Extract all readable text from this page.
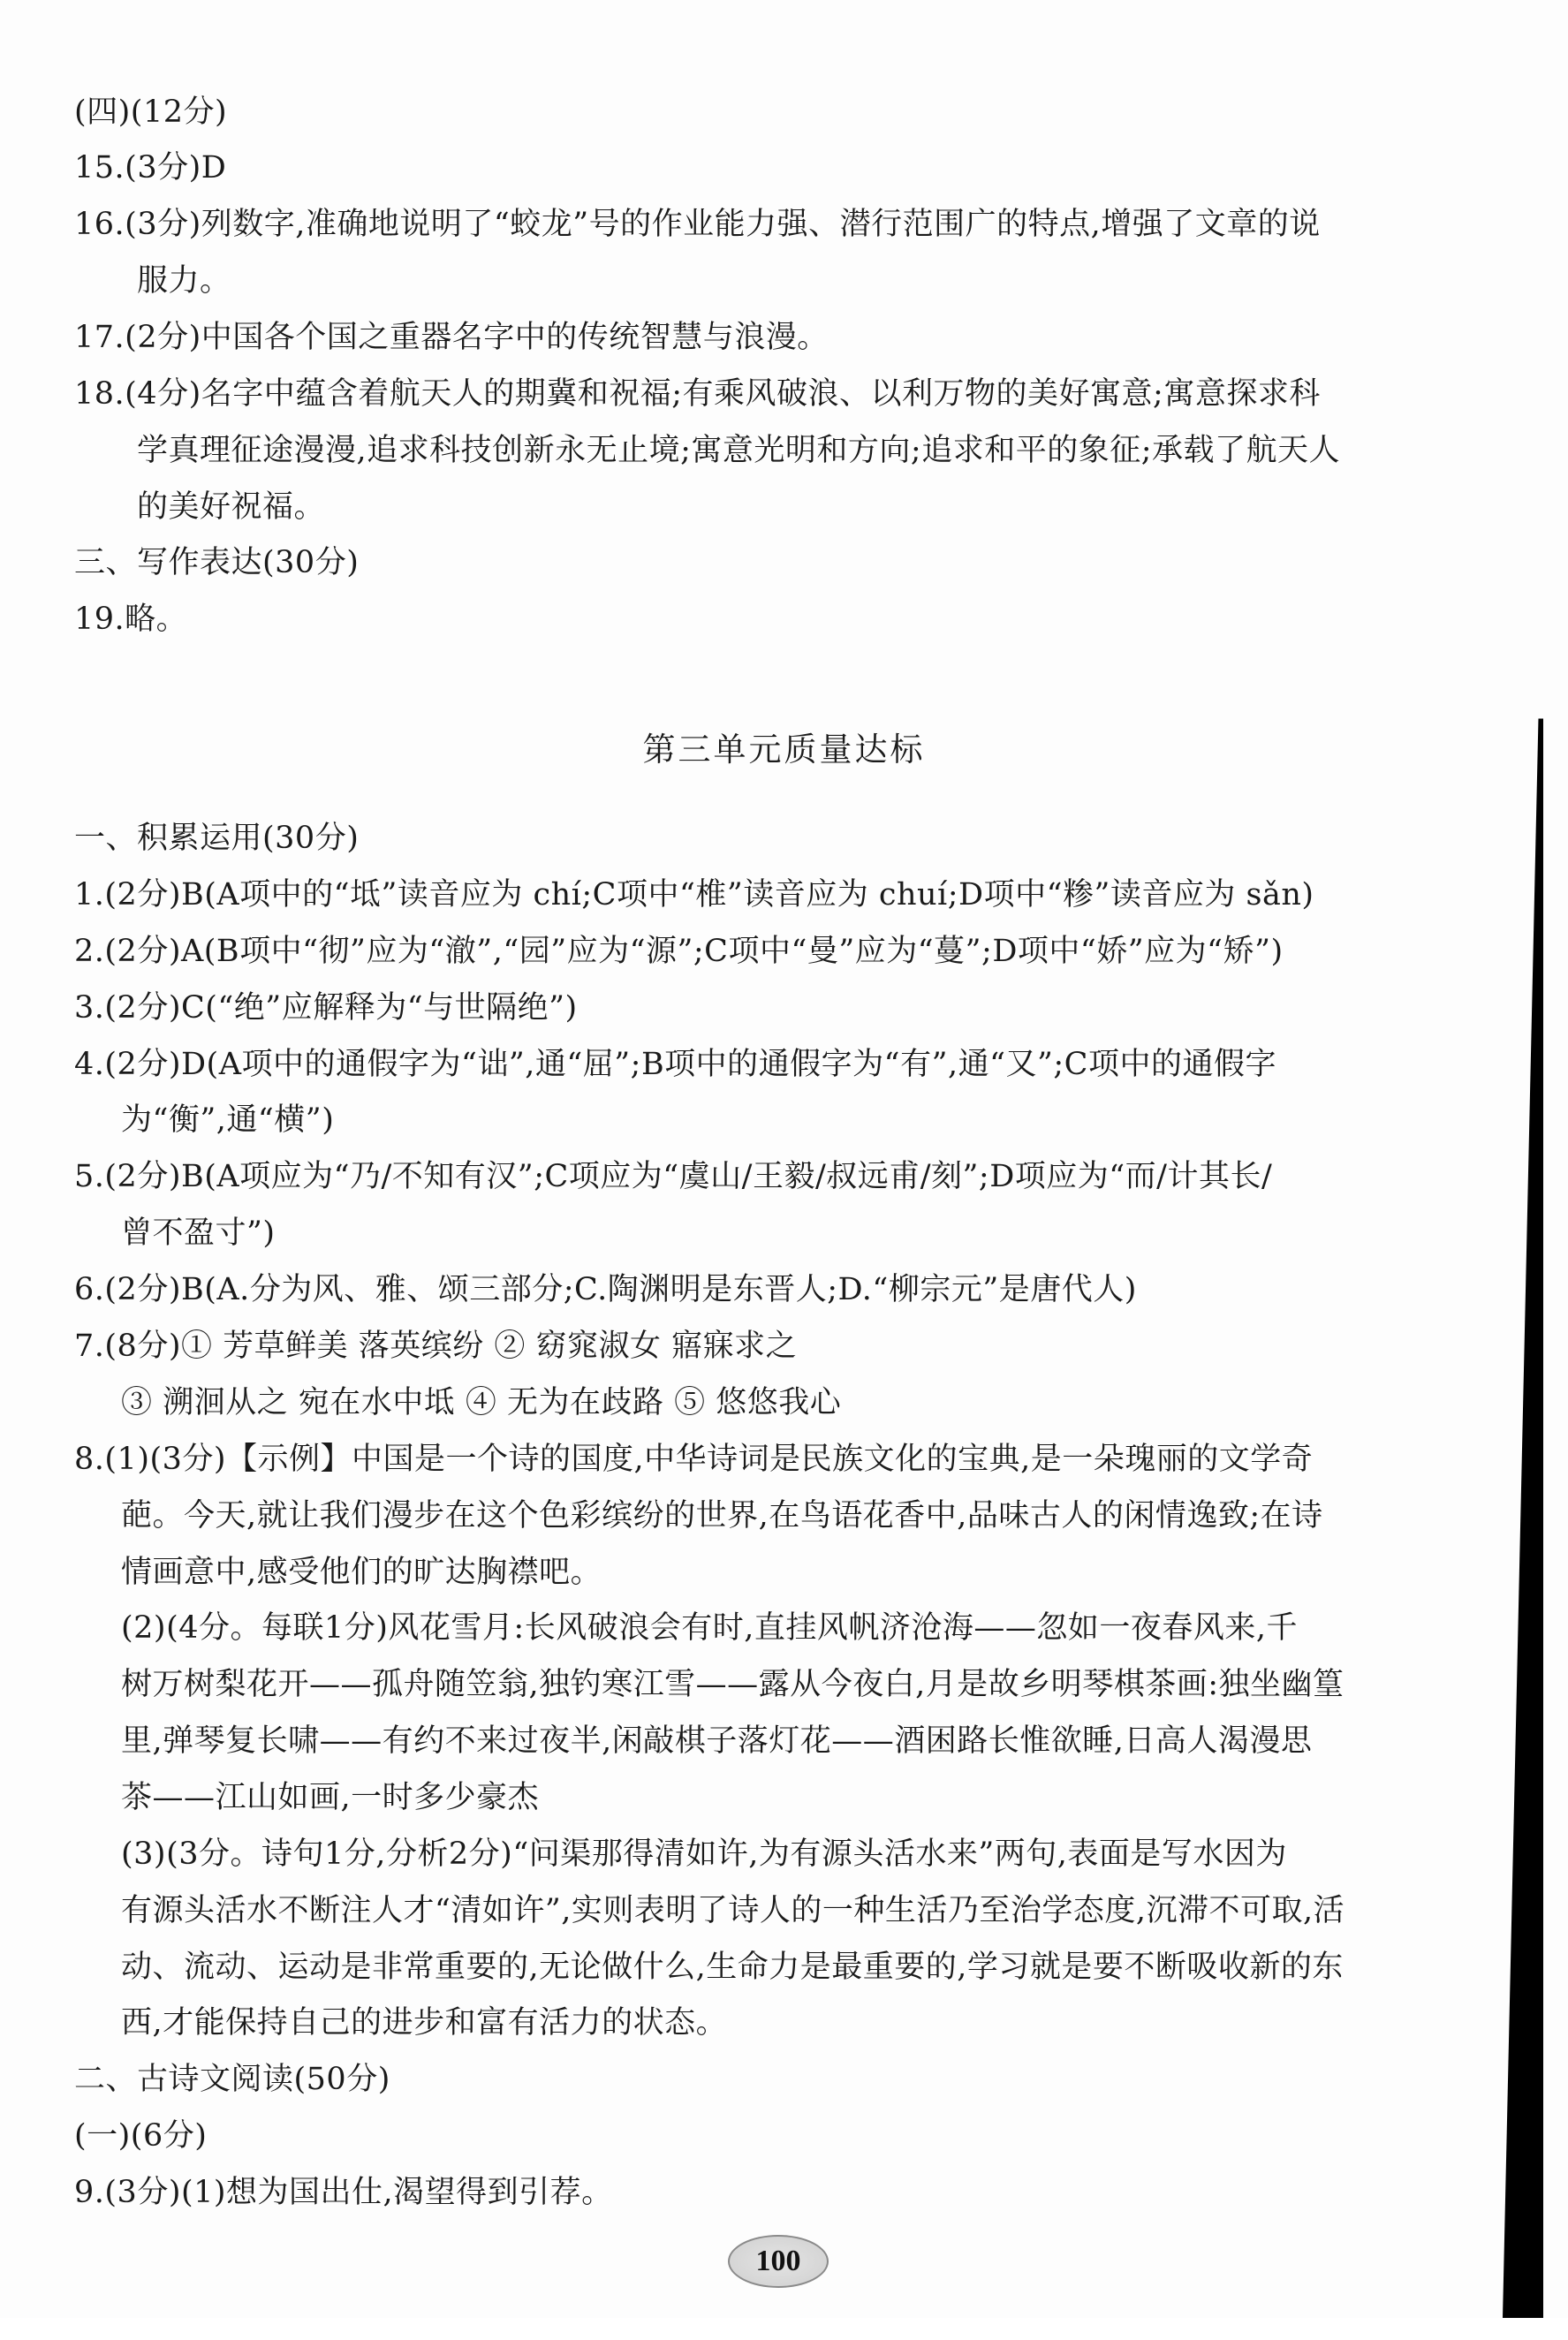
第三单元质量达标
(四)(12分)
15.(3分)D
16.(3分)列数字,准确地说明了“蛟龙”号的作业能力强、潜行范围广的特点,增强了文章的说
服力。
17.(2分)中国各个国之重器名字中的传统智慧与浪漫。
18.(4分)名字中蕴含着航天人的期冀和祝福;有乘风破浪、以利万物的美好寓意;寓意探求科
学真理征途漫漫,追求科技创新永无止境;寓意光明和方向;追求和平的象征;承载了航天人
的美好祝福。
三、写作表达(30分)
19.略。
一、积累运用(30分)
1.(2分)B(A项中的“坻”读音应为 chí;C项中“椎”读音应为 chuí;D项中“糁”读音应为 sǎn)
2.(2分)A(B项中“彻”应为“澈”,“园”应为“源”;C项中“曼”应为“蔓”;D项中“娇”应为“矫”)
3.(2分)C(“绝”应解释为“与世隔绝”)
4.(2分)D(A项中的通假字为“诎”,通“屈”;B项中的通假字为“有”,通“又”;C项中的通假字
为“衡”,通“横”)
5.(2分)B(A项应为“乃/不知有汉”;C项应为“虞山/王毅/叔远甫/刻”;D项应为“而/计其长/
曾不盈寸”)
6.(2分)B(A.分为风、雅、颂三部分;C.陶渊明是东晋人;D.“柳宗元”是唐代人)
7.(8分)① 芳草鲜美 落英缤纷 ② 窈窕淑女 寤寐求之
③ 溯洄从之 宛在水中坻 ④ 无为在歧路 ⑤ 悠悠我心
8.(1)(3分)【示例】中国是一个诗的国度,中华诗词是民族文化的宝典,是一朵瑰丽的文学奇
葩。今天,就让我们漫步在这个色彩缤纷的世界,在鸟语花香中,品味古人的闲情逸致;在诗
情画意中,感受他们的旷达胸襟吧。
(2)(4分。每联1分)风花雪月:长风破浪会有时,直挂风帆济沧海——忽如一夜春风来,千
树万树梨花开——孤舟随笠翁,独钓寒江雪——露从今夜白,月是故乡明琴棋茶画:独坐幽篁
里,弹琴复长啸——有约不来过夜半,闲敲棋子落灯花——酒困路长惟欲睡,日高人渴漫思
茶——江山如画,一时多少豪杰
(3)(3分。诗句1分,分析2分)“问渠那得清如许,为有源头活水来”两句,表面是写水因为
有源头活水不断注人才“清如许”,实则表明了诗人的一种生活乃至治学态度,沉滞不可取,活
动、流动、运动是非常重要的,无论做什么,生命力是最重要的,学习就是要不断吸收新的东
西,才能保持自己的进步和富有活力的状态。
二、古诗文阅读(50分)
(一)(6分)
9.(3分)(1)想为国出仕,渴望得到引荐。
100
